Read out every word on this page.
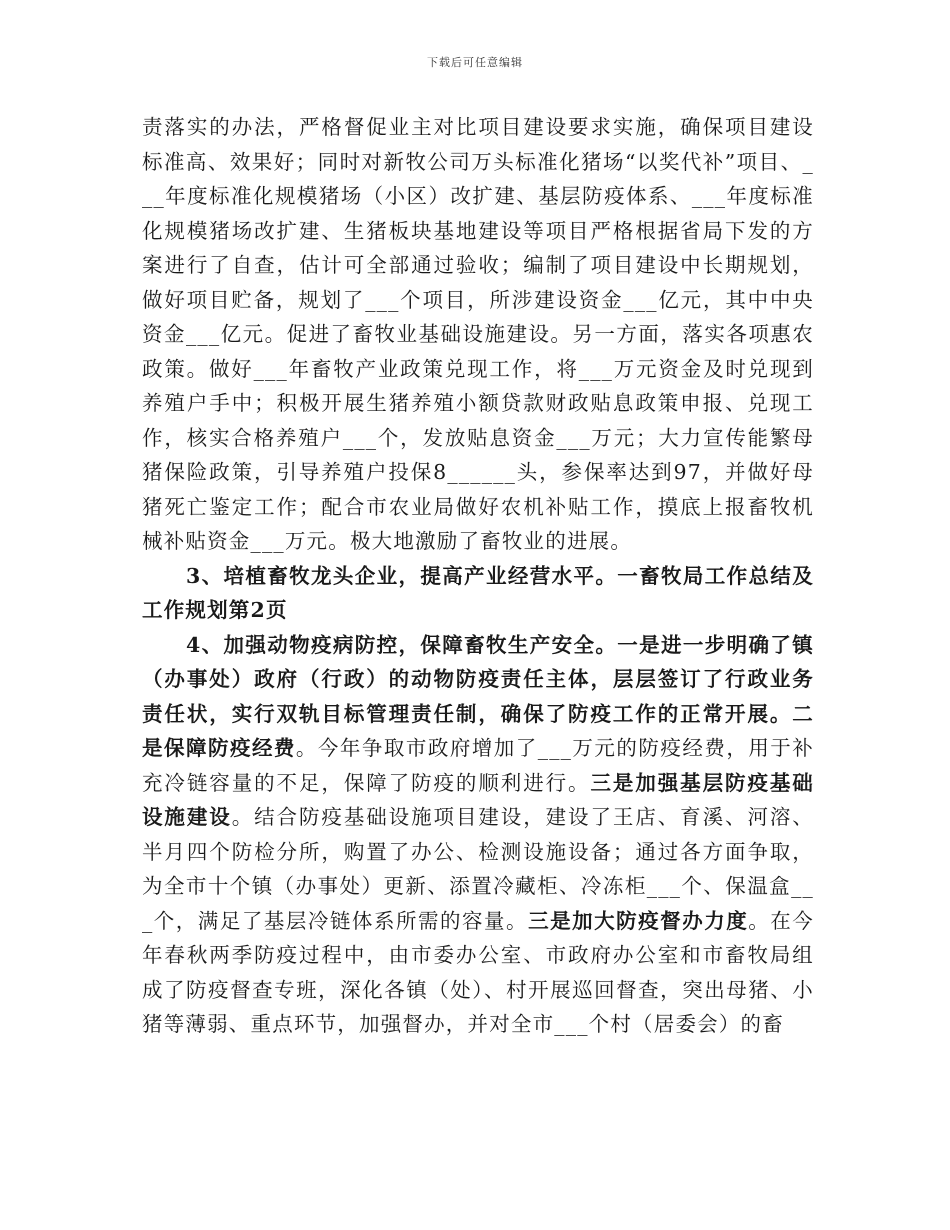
下载后可任意编辑

责落实的办法，严格督促业主对比项目建设要求实施，确保项目建设标准高、效果好；同时对新牧公司万头标准化猪场“以奖代补”项目、___年度标准化规模猪场（小区）改扩建、基层防疫体系、___年度标准化规模猪场改扩建、生猪板块基地建设等项目严格根据省局下发的方案进行了自查，估计可全部通过验收；编制了项目建设中长期规划，做好项目贮备，规划了___个项目，所涉建设资金___亿元，其中中央资金___亿元。促进了畜牧业基础设施建设。另一方面，落实各项惠农政策。做好___年畜牧产业政策兑现工作，将___万元资金及时兑现到养殖户手中；积极开展生猪养殖小额贷款财政贴息政策申报、兑现工作，核实合格养殖户___个，发放贴息资金___万元；大力宣传能繁母猪保险政策，引导养殖户投保8______头，参保率达到97，并做好母猪死亡鉴定工作；配合市农业局做好农机补贴工作，摸底上报畜牧机械补贴资金___万元。极大地激励了畜牧业的进展。

3、培植畜牧龙头企业，提高产业经营水平。一畜牧局工作总结及工作规划第2页

4、加强动物疫病防控，保障畜牧生产安全。一是进一步明确了镇（办事处）政府（行政）的动物防疫责任主体，层层签订了行政业务责任状，实行双轨目标管理责任制，确保了防疫工作的正常开展。二是保障防疫经费。今年争取市政府增加了___万元的防疫经费，用于补充冷链容量的不足，保障了防疫的顺利进行。三是加强基层防疫基础设施建设。结合防疫基础设施项目建设，建设了王店、育溪、河溶、半月四个防检分所，购置了办公、检测设施设备；通过各方面争取，为全市十个镇（办事处）更新、添置冷藏柜、冷冻柜___个、保温盒___个，满足了基层冷链体系所需的容量。三是加大防疫督办力度。在今年春秋两季防疫过程中，由市委办公室、市政府办公室和市畜牧局组成了防疫督查专班，深化各镇（处）、村开展巡回督查，突出母猪、小猪等薄弱、重点环节，加强督办，并对全市___个村（居委会）的畜
